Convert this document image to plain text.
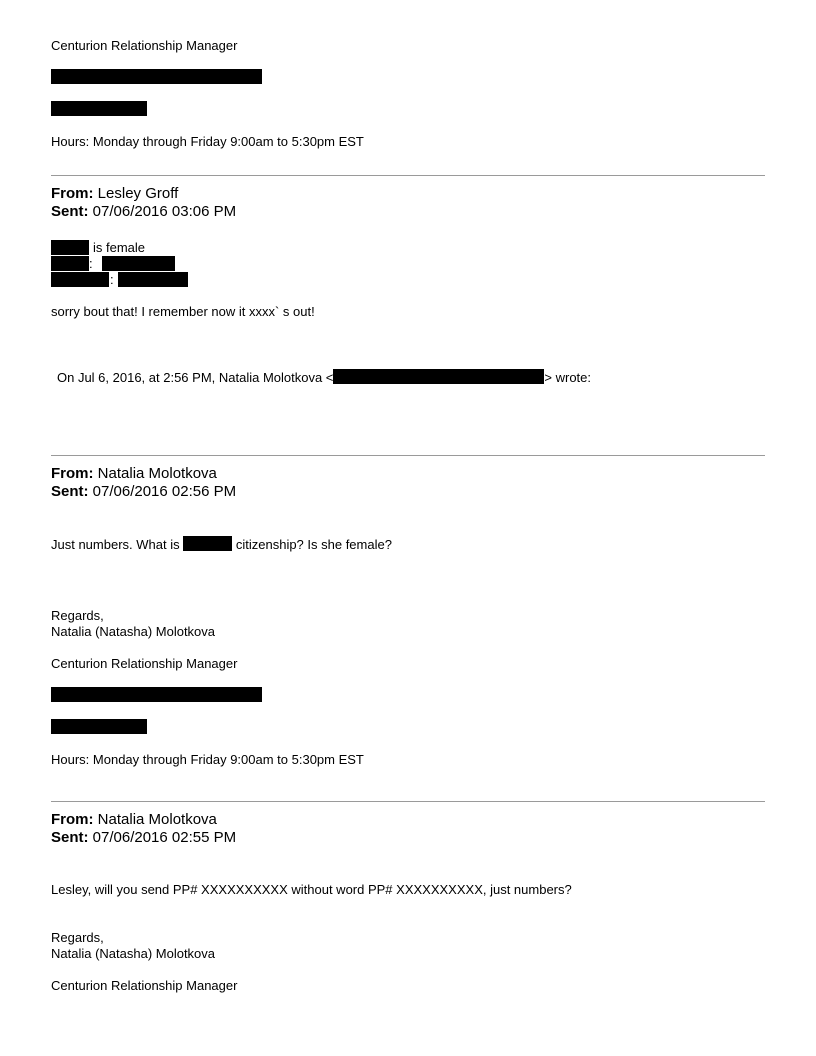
Centurion Relationship Manager
Hours: Monday through Friday 9:00am to 5:30pm EST
From: Lesley Groff
Sent: 07/06/2016 03:06 PM
is female
:
:
sorry bout that! I remember now it xxxx` s out!
On Jul 6, 2016, at 2:56 PM, Natalia Molotkova <	> wrote:
From: Natalia Molotkova
Sent: 07/06/2016 02:56 PM
Just numbers. What is	citizenship? Is she female?
Regards,
Natalia (Natasha) Molotkova
Centurion Relationship Manager
Hours: Monday through Friday 9:00am to 5:30pm EST
From: Natalia Molotkova
Sent: 07/06/2016 02:55 PM
Lesley, will you send PP# XXXXXXXXXX without word PP# XXXXXXXXXX, just numbers?
Regards,
Natalia (Natasha) Molotkova
Centurion Relationship Manager
